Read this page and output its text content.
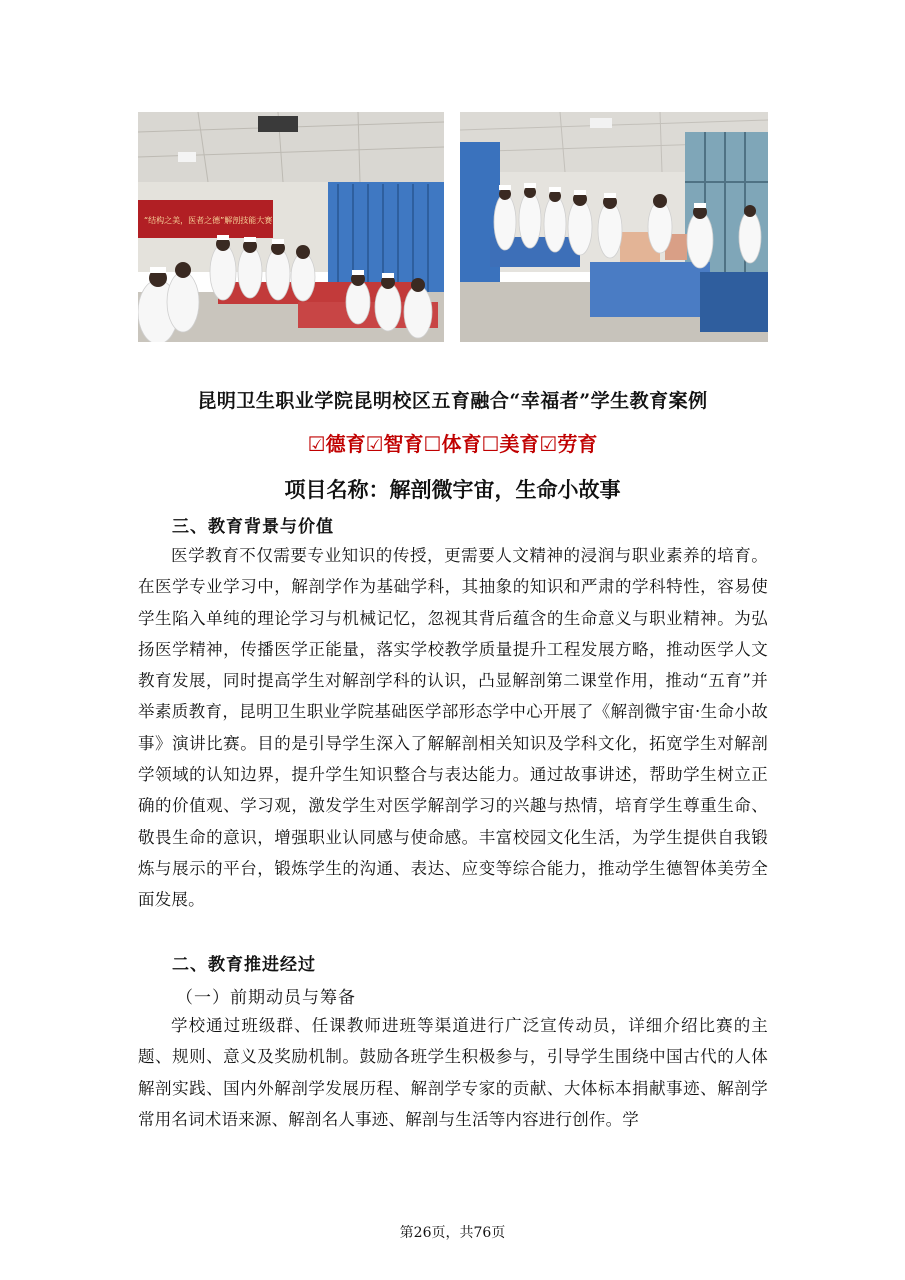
“结构之美，医者之德”解剖技能大赛
昆明卫生职业学院昆明校区五育融合“幸福者”学生教育案例
☑德育☑智育☐体育☐美育☑劳育
项目名称：解剖微宇宙，生命小故事
三、教育背景与价值
医学教育不仅需要专业知识的传授，更需要人文精神的浸润与职业素养的培育。在医学专业学习中，解剖学作为基础学科，其抽象的知识和严肃的学科特性，容易使学生陷入单纯的理论学习与机械记忆，忽视其背后蕴含的生命意义与职业精神。为弘扬医学精神，传播医学正能量，落实学校教学质量提升工程发展方略，推动医学人文教育发展，同时提高学生对解剖学科的认识，凸显解剖第二课堂作用，推动“五育”并举素质教育，昆明卫生职业学院基础医学部形态学中心开展了《解剖微宇宙·生命小故事》演讲比赛。目的是引导学生深入了解解剖相关知识及学科文化，拓宽学生对解剖学领域的认知边界，提升学生知识整合与表达能力。通过故事讲述，帮助学生树立正确的价值观、学习观，激发学生对医学解剖学习的兴趣与热情，培育学生尊重生命、敬畏生命的意识，增强职业认同感与使命感。丰富校园文化生活，为学生提供自我锻炼与展示的平台，锻炼学生的沟通、表达、应变等综合能力，推动学生德智体美劳全面发展。
二、教育推进经过
（一）前期动员与筹备
学校通过班级群、任课教师进班等渠道进行广泛宣传动员，详细介绍比赛的主题、规则、意义及奖励机制。鼓励各班学生积极参与，引导学生围绕中国古代的人体解剖实践、国内外解剖学发展历程、解剖学专家的贡献、大体标本捐献事迹、解剖学常用名词术语来源、解剖名人事迹、解剖与生活等内容进行创作。学
第26页，共76页
